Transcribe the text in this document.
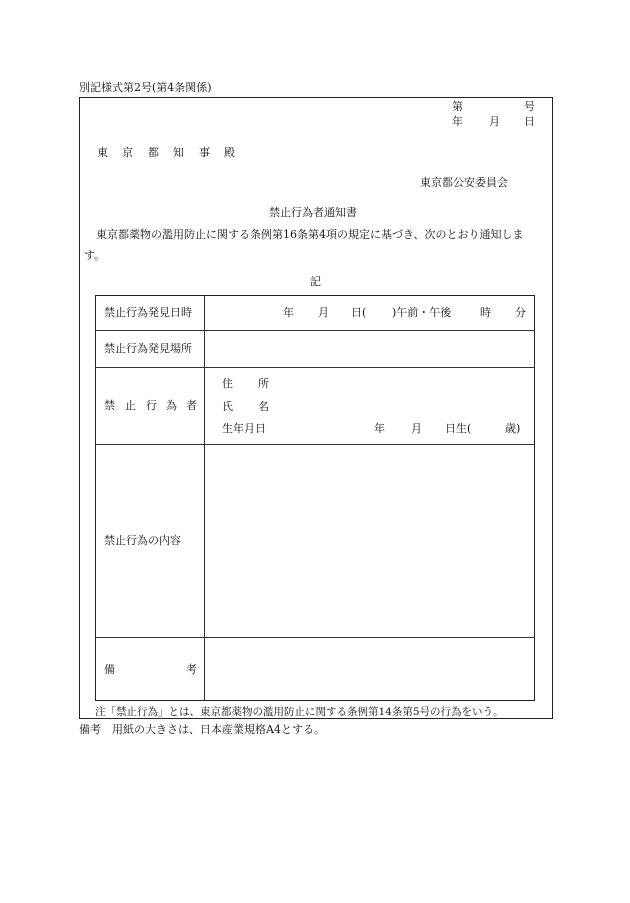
別記様式第2号(第4条関係)
第	号
年 月 日
東 京 都 知 事 殿
東京都公安委員会
禁止行為者通知書
東京都薬物の濫用防止に関する条例第16条第4項の規定に基づき、次のとおり通知しま
す。
記
禁止行為発見日時	年 月 日( )午前・午後	時 分
禁止行為発見場所
禁 止 行 為 者
住 所
氏 名
生年月日	年 月 日生(	歳)
禁止行為の内容
備	考
注「禁止行為」とは、東京都薬物の濫用防止に関する条例第14条第5号の行為をいう。
備考　用紙の大きさは、日本産業規格A4とする。
